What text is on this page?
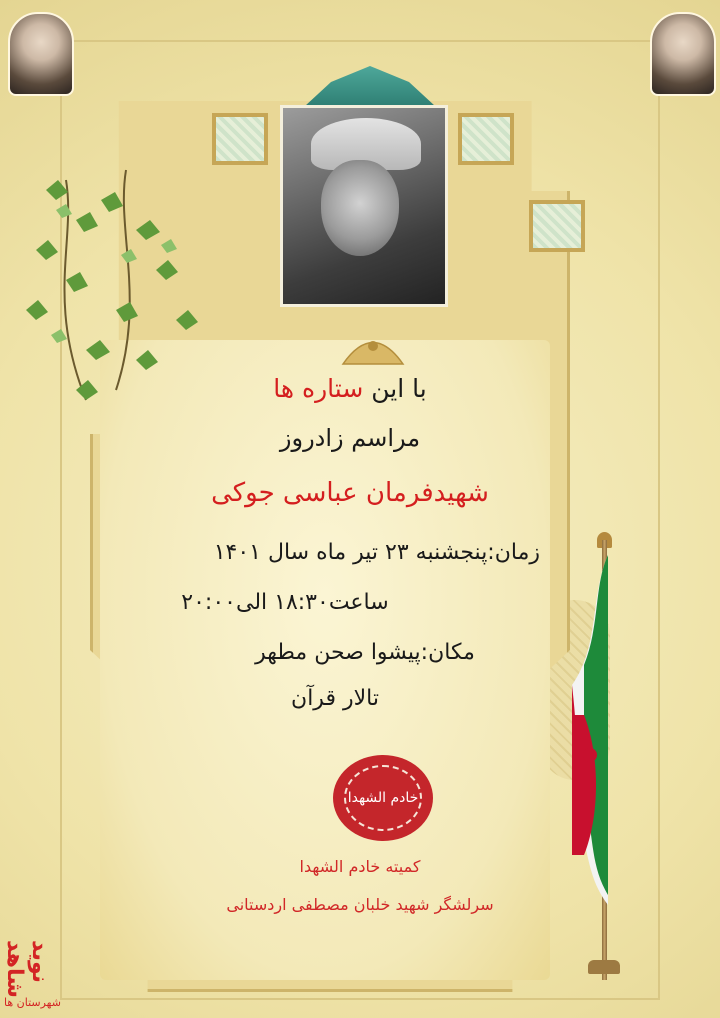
با این ستاره ها

مراسم زادروز

شهیدفرمان عباسی جوکی

زمان:پنجشنبه ۲۳ تیر ماه سال ۱۴۰۱

ساعت۱۸:۳۰ الی۲۰:۰۰

مکان:پیشوا صحن مطهر

تالار قرآن

خادم الشهدا

کمیته خادم الشهدا

سرلشگر شهید خلبان مصطفی اردستانی

نوید شاهد
شهرستان ها
